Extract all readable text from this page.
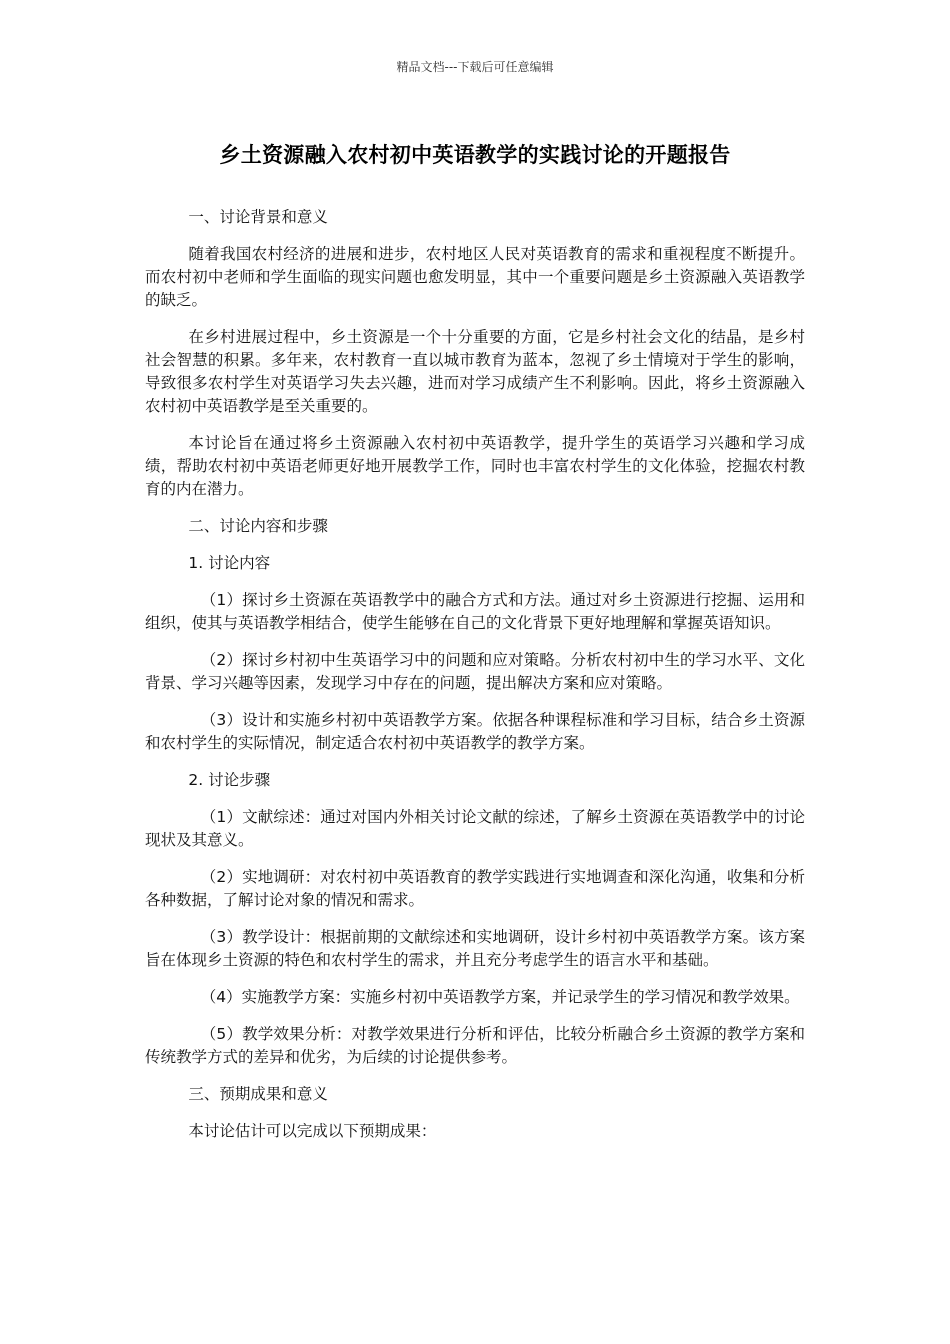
精品文档---下载后可任意编辑
乡土资源融入农村初中英语教学的实践讨论的开题报告

一、讨论背景和意义

随着我国农村经济的进展和进步，农村地区人民对英语教育的需求和重视程度不断提升。而农村初中老师和学生面临的现实问题也愈发明显，其中一个重要问题是乡土资源融入英语教学的缺乏。

在乡村进展过程中，乡土资源是一个十分重要的方面，它是乡村社会文化的结晶，是乡村社会智慧的积累。多年来，农村教育一直以城市教育为蓝本，忽视了乡土情境对于学生的影响，导致很多农村学生对英语学习失去兴趣，进而对学习成绩产生不利影响。因此，将乡土资源融入农村初中英语教学是至关重要的。

本讨论旨在通过将乡土资源融入农村初中英语教学，提升学生的英语学习兴趣和学习成绩，帮助农村初中英语老师更好地开展教学工作，同时也丰富农村学生的文化体验，挖掘农村教育的内在潜力。

二、讨论内容和步骤

1. 讨论内容

（1）探讨乡土资源在英语教学中的融合方式和方法。通过对乡土资源进行挖掘、运用和组织，使其与英语教学相结合，使学生能够在自己的文化背景下更好地理解和掌握英语知识。

（2）探讨乡村初中生英语学习中的问题和应对策略。分析农村初中生的学习水平、文化背景、学习兴趣等因素，发现学习中存在的问题，提出解决方案和应对策略。

（3）设计和实施乡村初中英语教学方案。依据各种课程标准和学习目标，结合乡土资源和农村学生的实际情况，制定适合农村初中英语教学的教学方案。

2. 讨论步骤

（1）文献综述：通过对国内外相关讨论文献的综述，了解乡土资源在英语教学中的讨论现状及其意义。

（2）实地调研：对农村初中英语教育的教学实践进行实地调查和深化沟通，收集和分析各种数据，了解讨论对象的情况和需求。

（3）教学设计：根据前期的文献综述和实地调研，设计乡村初中英语教学方案。该方案旨在体现乡土资源的特色和农村学生的需求，并且充分考虑学生的语言水平和基础。

（4）实施教学方案：实施乡村初中英语教学方案，并记录学生的学习情况和教学效果。

（5）教学效果分析：对教学效果进行分析和评估，比较分析融合乡土资源的教学方案和传统教学方式的差异和优劣，为后续的讨论提供参考。

三、预期成果和意义

本讨论估计可以完成以下预期成果：
